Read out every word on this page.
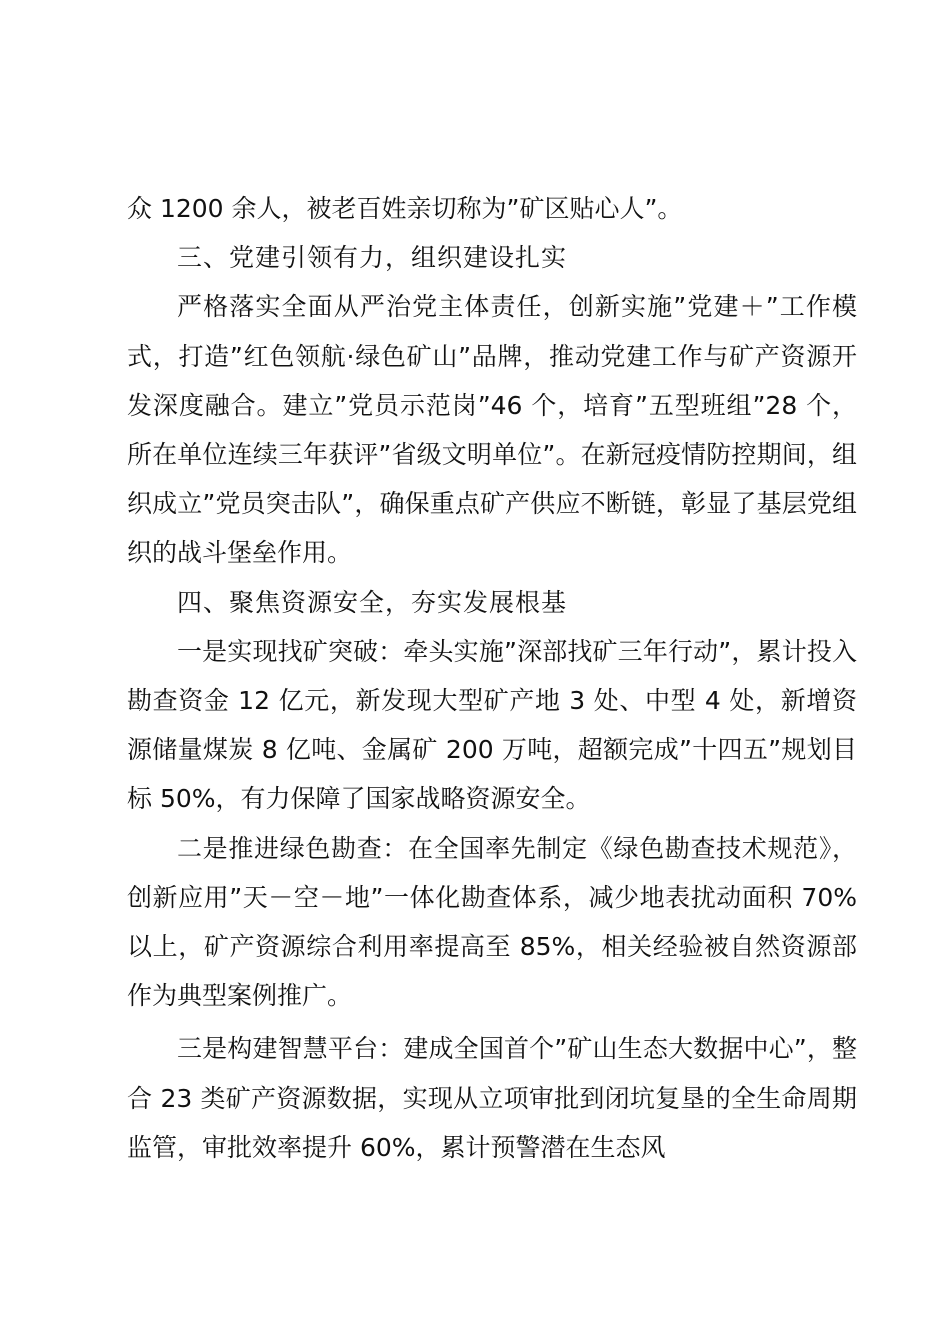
众 1200 余人，被老百姓亲切称为”矿区贴心人”。

三、党建引领有力，组织建设扎实

严格落实全面从严治党主体责任，创新实施”党建＋”工作模式，打造”红色领航·绿色矿山”品牌，推动党建工作与矿产资源开发深度融合。建立”党员示范岗”46 个，培育”五型班组”28 个，所在单位连续三年获评”省级文明单位”。在新冠疫情防控期间，组织成立”党员突击队”，确保重点矿产供应不断链，彰显了基层党组织的战斗堡垒作用。

四、聚焦资源安全，夯实发展根基

一是实现找矿突破：牵头实施”深部找矿三年行动”，累计投入勘查资金 12 亿元，新发现大型矿产地 3 处、中型 4 处，新增资源储量煤炭 8 亿吨、金属矿 200 万吨，超额完成”十四五”规划目标 50%，有力保障了国家战略资源安全。

二是推进绿色勘查：在全国率先制定《绿色勘查技术规范》，创新应用”天－空－地”一体化勘查体系，减少地表扰动面积 70%以上，矿产资源综合利用率提高至 85%，相关经验被自然资源部作为典型案例推广。

三是构建智慧平台：建成全国首个”矿山生态大数据中心”，整合 23 类矿产资源数据，实现从立项审批到闭坑复垦的全生命周期监管，审批效率提升 60%，累计预警潜在生态风
